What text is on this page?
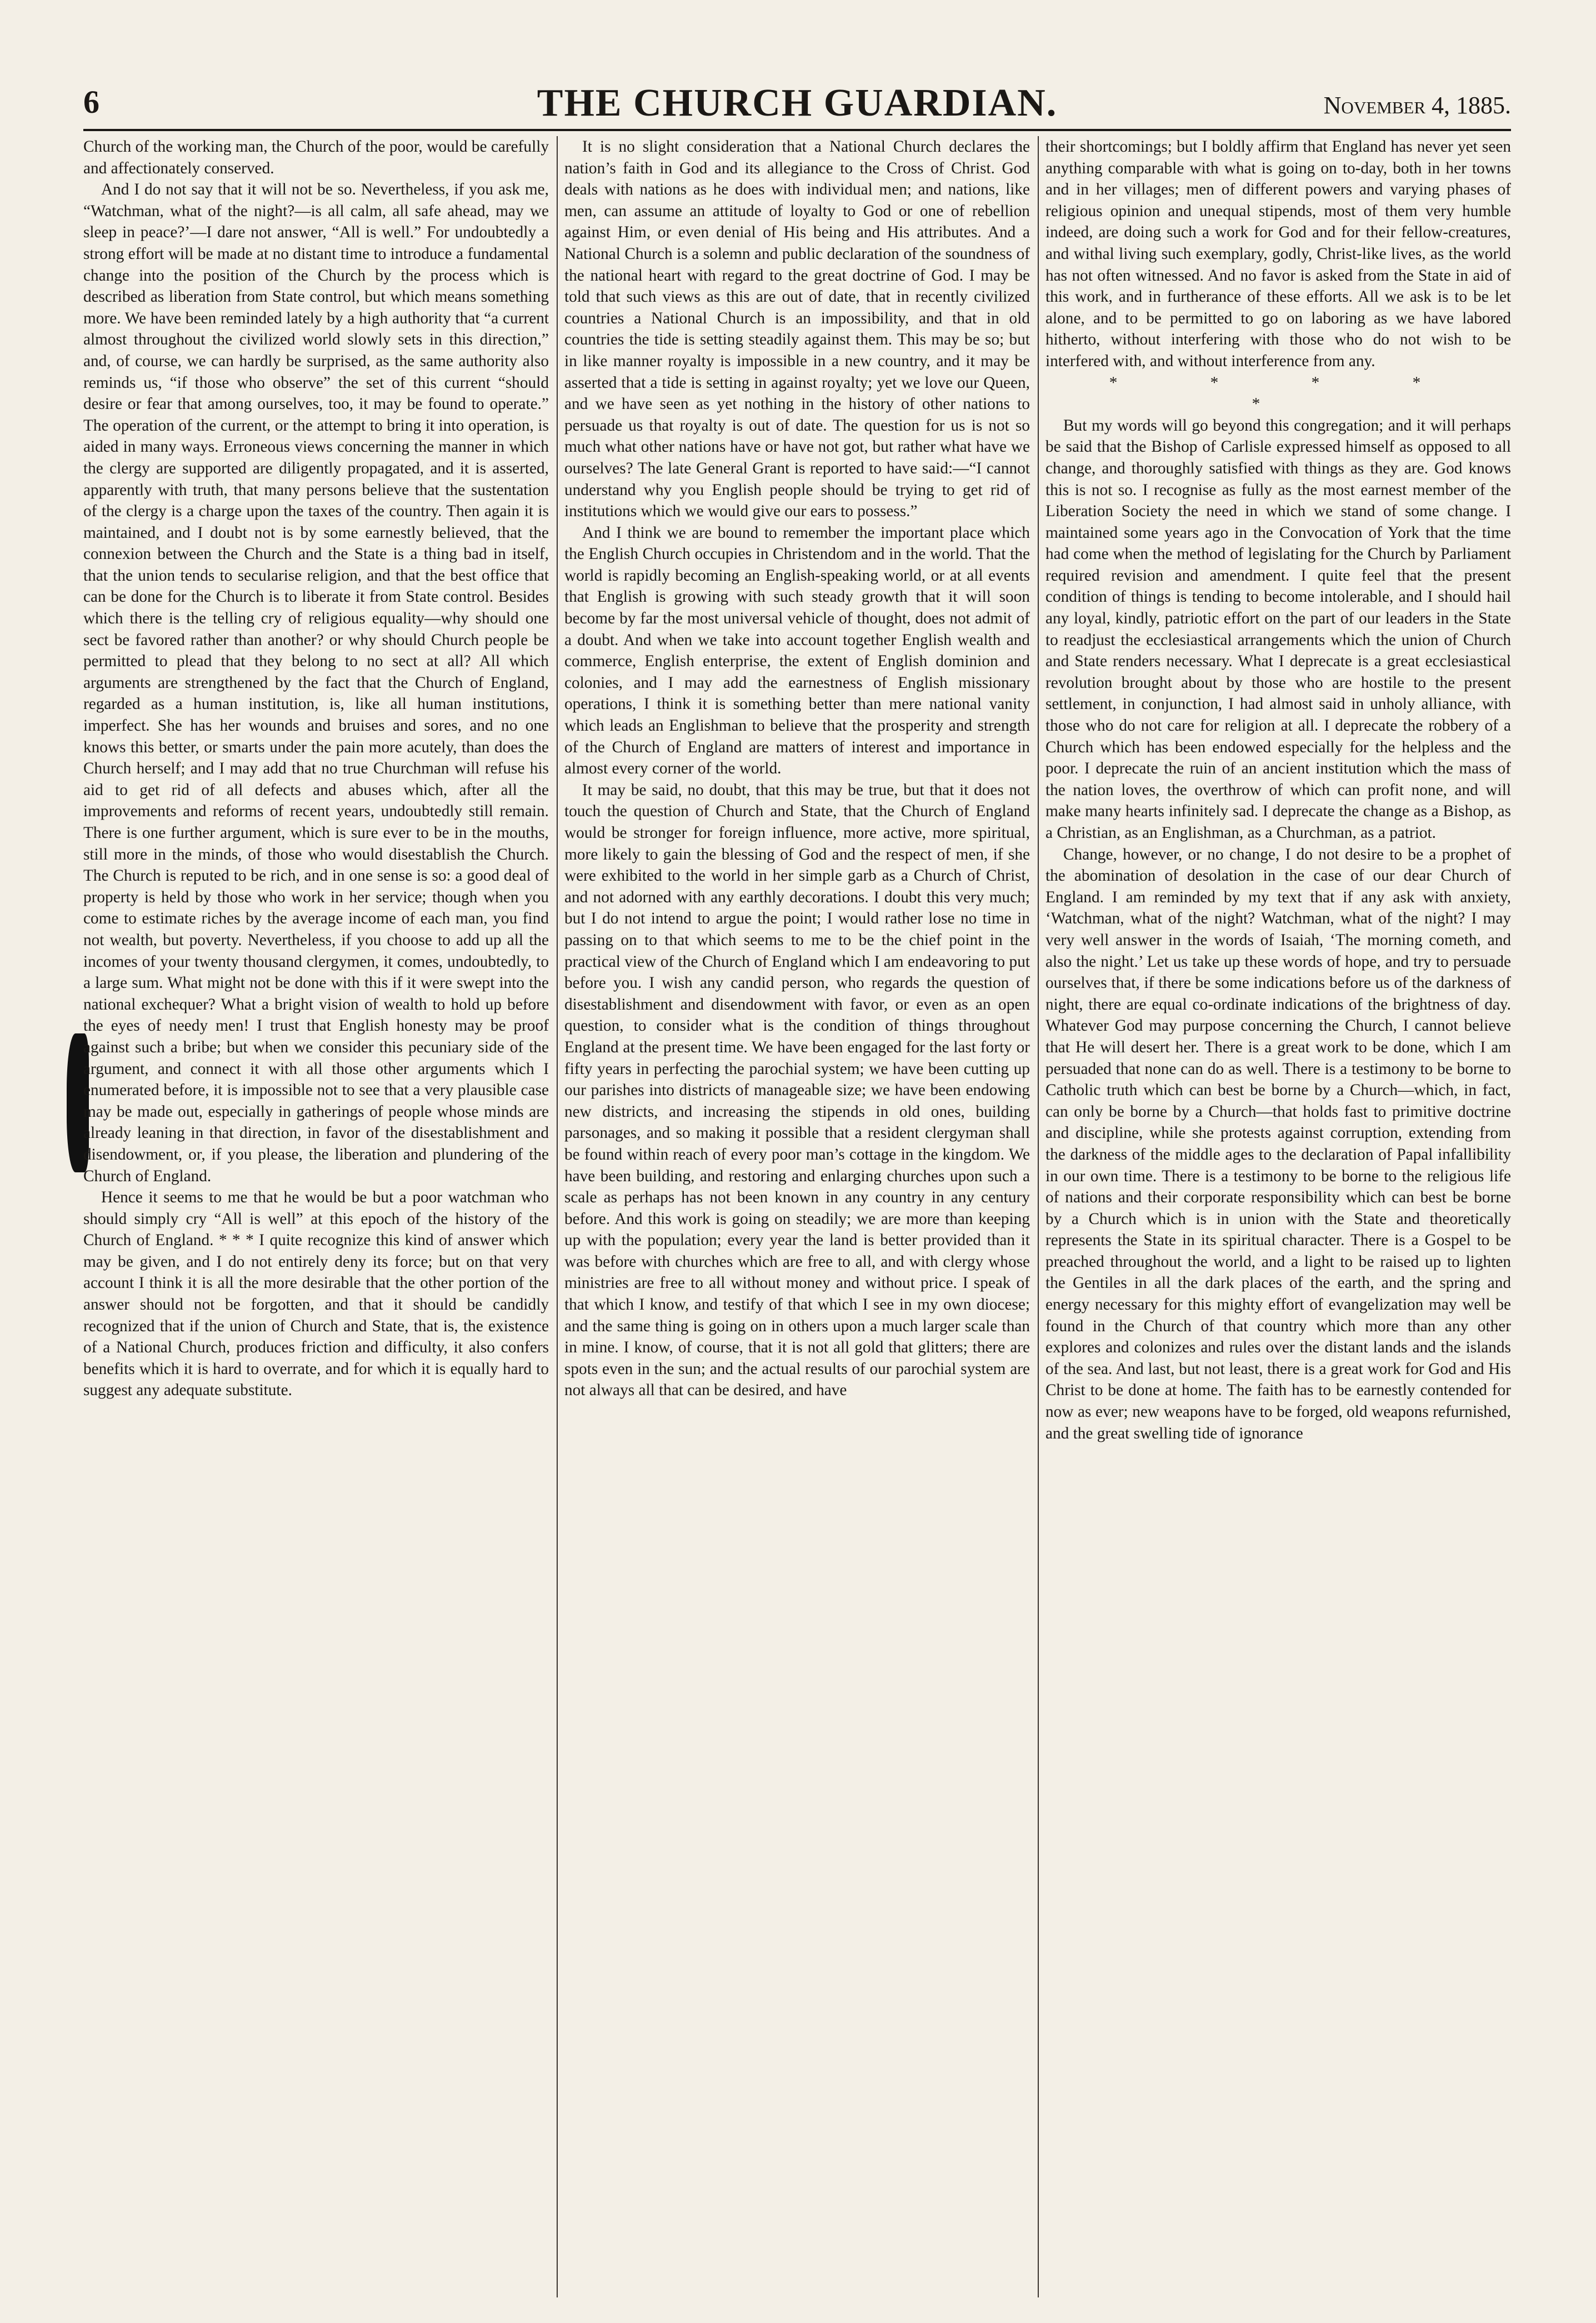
6	THE CHURCH GUARDIAN.	November 4, 1885.

Church of the working man, the Church of the poor, would be carefully and affectionately conserved.

And I do not say that it will not be so. Nevertheless, if you ask me, “Watchman, what of the night?—is all calm, all safe ahead, may we sleep in peace?’—I dare not answer, “All is well.” For undoubtedly a strong effort will be made at no distant time to introduce a fundamental change into the position of the Church by the process which is described as liberation from State control, but which means something more. We have been reminded lately by a high authority that “a current almost throughout the civilized world slowly sets in this direction,” and, of course, we can hardly be surprised, as the same authority also reminds us, “if those who observe” the set of this current “should desire or fear that among ourselves, too, it may be found to operate.” The operation of the current, or the attempt to bring it into operation, is aided in many ways. Erroneous views concerning the manner in which the clergy are supported are diligently propagated, and it is asserted, apparently with truth, that many persons believe that the sustentation of the clergy is a charge upon the taxes of the country. Then again it is maintained, and I doubt not is by some earnestly believed, that the connexion between the Church and the State is a thing bad in itself, that the union tends to secularise religion, and that the best office that can be done for the Church is to liberate it from State control. Besides which there is the telling cry of religious equality—why should one sect be favored rather than another? or why should Church people be permitted to plead that they belong to no sect at all? All which arguments are strengthened by the fact that the Church of England, regarded as a human institution, is, like all human institutions, imperfect. She has her wounds and bruises and sores, and no one knows this better, or smarts under the pain more acutely, than does the Church herself; and I may add that no true Churchman will refuse his aid to get rid of all defects and abuses which, after all the improvements and reforms of recent years, undoubtedly still remain. There is one further argument, which is sure ever to be in the mouths, still more in the minds, of those who would disestablish the Church. The Church is reputed to be rich, and in one sense is so: a good deal of property is held by those who work in her service; though when you come to estimate riches by the average income of each man, you find not wealth, but poverty. Nevertheless, if you choose to add up all the incomes of your twenty thousand clergymen, it comes, undoubtedly, to a large sum. What might not be done with this if it were swept into the national exchequer? What a bright vision of wealth to hold up before the eyes of needy men! I trust that English honesty may be proof against such a bribe; but when we consider this pecuniary side of the argument, and connect it with all those other arguments which I enumerated before, it is impossible not to see that a very plausible case may be made out, especially in gatherings of people whose minds are already leaning in that direction, in favor of the disestablishment and disendowment, or, if you please, the liberation and plundering of the Church of England.

Hence it seems to me that he would be but a poor watchman who should simply cry “All is well” at this epoch of the history of the Church of England. * * * I quite recognize this kind of answer which may be given, and I do not entirely deny its force; but on that very account I think it is all the more desirable that the other portion of the answer should not be forgotten, and that it should be candidly recognized that if the union of Church and State, that is, the existence of a National Church, produces friction and difficulty, it also confers benefits which it is hard to overrate, and for which it is equally hard to suggest any adequate substitute.

It is no slight consideration that a National Church declares the nation’s faith in God and its allegiance to the Cross of Christ. God deals with nations as he does with individual men; and nations, like men, can assume an attitude of loyalty to God or one of rebellion against Him, or even denial of His being and His attributes. And a National Church is a solemn and public declaration of the soundness of the national heart with regard to the great doctrine of God. I may be told that such views as this are out of date, that in recently civilized countries a National Church is an impossibility, and that in old countries the tide is setting steadily against them. This may be so; but in like manner royalty is impossible in a new country, and it may be asserted that a tide is setting in against royalty; yet we love our Queen, and we have seen as yet nothing in the history of other nations to persuade us that royalty is out of date. The question for us is not so much what other nations have or have not got, but rather what have we ourselves? The late General Grant is reported to have said:—“I cannot understand why you English people should be trying to get rid of institutions which we would give our ears to possess.”

And I think we are bound to remember the important place which the English Church occupies in Christendom and in the world. That the world is rapidly becoming an English-speaking world, or at all events that English is growing with such steady growth that it will soon become by far the most universal vehicle of thought, does not admit of a doubt. And when we take into account together English wealth and commerce, English enterprise, the extent of English dominion and colonies, and I may add the earnestness of English missionary operations, I think it is something better than mere national vanity which leads an Englishman to believe that the prosperity and strength of the Church of England are matters of interest and importance in almost every corner of the world.

It may be said, no doubt, that this may be true, but that it does not touch the question of Church and State, that the Church of England would be stronger for foreign influence, more active, more spiritual, more likely to gain the blessing of God and the respect of men, if she were exhibited to the world in her simple garb as a Church of Christ, and not adorned with any earthly decorations. I doubt this very much; but I do not intend to argue the point; I would rather lose no time in passing on to that which seems to me to be the chief point in the practical view of the Church of England which I am endeavoring to put before you. I wish any candid person, who regards the question of disestablishment and disendowment with favor, or even as an open question, to consider what is the condition of things throughout England at the present time. We have been engaged for the last forty or fifty years in perfecting the parochial system; we have been cutting up our parishes into districts of manageable size; we have been endowing new districts, and increasing the stipends in old ones, building parsonages, and so making it possible that a resident clergyman shall be found within reach of every poor man’s cottage in the kingdom. We have been building, and restoring and enlarging churches upon such a scale as perhaps has not been known in any country in any century before. And this work is going on steadily; we are more than keeping up with the population; every year the land is better provided than it was before with churches which are free to all, and with clergy whose ministries are free to all without money and without price. I speak of that which I know, and testify of that which I see in my own diocese; and the same thing is going on in others upon a much larger scale than in mine. I know, of course, that it is not all gold that glitters; there are spots even in the sun; and the actual results of our parochial system are not always all that can be desired, and have

their shortcomings; but I boldly affirm that England has never yet seen anything comparable with what is going on to-day, both in her towns and in her villages; men of different powers and varying phases of religious opinion and unequal stipends, most of them very humble indeed, are doing such a work for God and for their fellow-creatures, and withal living such exemplary, godly, Christ-like lives, as the world has not often witnessed. And no favor is asked from the State in aid of this work, and in furtherance of these efforts. All we ask is to be let alone, and to be permitted to go on laboring as we have labored hitherto, without interfering with those who do not wish to be interfered with, and without interference from any.

* * * * *

But my words will go beyond this congregation; and it will perhaps be said that the Bishop of Carlisle expressed himself as opposed to all change, and thoroughly satisfied with things as they are. God knows this is not so. I recognise as fully as the most earnest member of the Liberation Society the need in which we stand of some change. I maintained some years ago in the Convocation of York that the time had come when the method of legislating for the Church by Parliament required revision and amendment. I quite feel that the present condition of things is tending to become intolerable, and I should hail any loyal, kindly, patriotic effort on the part of our leaders in the State to readjust the ecclesiastical arrangements which the union of Church and State renders necessary. What I deprecate is a great ecclesiastical revolution brought about by those who are hostile to the present settlement, in conjunction, I had almost said in unholy alliance, with those who do not care for religion at all. I deprecate the robbery of a Church which has been endowed especially for the helpless and the poor. I deprecate the ruin of an ancient institution which the mass of the nation loves, the overthrow of which can profit none, and will make many hearts infinitely sad. I deprecate the change as a Bishop, as a Christian, as an Englishman, as a Churchman, as a patriot.

Change, however, or no change, I do not desire to be a prophet of the abomination of desolation in the case of our dear Church of England. I am reminded by my text that if any ask with anxiety, ‘Watchman, what of the night? Watchman, what of the night? I may very well answer in the words of Isaiah, ‘The morning cometh, and also the night.’ Let us take up these words of hope, and try to persuade ourselves that, if there be some indications before us of the darkness of night, there are equal co-ordinate indications of the brightness of day. Whatever God may purpose concerning the Church, I cannot believe that He will desert her. There is a great work to be done, which I am persuaded that none can do as well. There is a testimony to be borne to Catholic truth which can best be borne by a Church—which, in fact, can only be borne by a Church—that holds fast to primitive doctrine and discipline, while she protests against corruption, extending from the darkness of the middle ages to the declaration of Papal infallibility in our own time. There is a testimony to be borne to the religious life of nations and their corporate responsibility which can best be borne by a Church which is in union with the State and theoretically represents the State in its spiritual character. There is a Gospel to be preached throughout the world, and a light to be raised up to lighten the Gentiles in all the dark places of the earth, and the spring and energy necessary for this mighty effort of evangelization may well be found in the Church of that country which more than any other explores and colonizes and rules over the distant lands and the islands of the sea. And last, but not least, there is a great work for God and His Christ to be done at home. The faith has to be earnestly contended for now as ever; new weapons have to be forged, old weapons refurnished, and the great swelling tide of ignorance
